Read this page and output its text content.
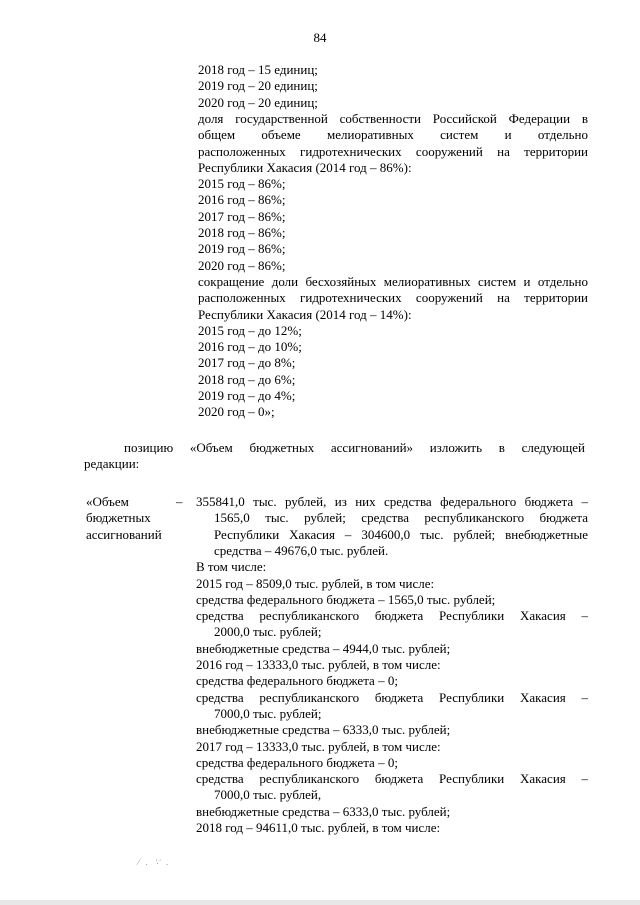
84
2018 год – 15 единиц;
2019 год – 20 единиц;
2020 год – 20 единиц;
доля государственной собственности Российской Федерации в
общем объеме мелиоративных систем и отдельно
расположенных гидротехнических сооружений на территории
Республики Хакасия (2014 год – 86%):
2015 год – 86%;
2016 год – 86%;
2017 год – 86%;
2018 год – 86%;
2019 год – 86%;
2020 год – 86%;
сокращение доли бесхозяйных мелиоративных систем и отдельно
расположенных гидротехнических сооружений на территории
Республики Хакасия (2014 год – 14%):
2015 год – до 12%;
2016 год – до 10%;
2017 год – до 8%;
2018 год – до 6%;
2019 год – до 4%;
2020 год – 0»;
позицию «Объем бюджетных ассигнований» изложить в следующей
редакции:
«Объем
бюджетных
ассигнований
– 355841,0 тыс. рублей, из них средства федерального бюджета –
1565,0 тыс. рублей; средства республиканского бюджета
Республики Хакасия – 304600,0 тыс. рублей; внебюджетные
средства – 49676,0 тыс. рублей.
В том числе:
2015 год – 8509,0 тыс. рублей, в том числе:
средства федерального бюджета – 1565,0 тыс. рублей;
средства республиканского бюджета Республики Хакасия –
2000,0 тыс. рублей;
внебюджетные средства – 4944,0 тыс. рублей;
2016 год – 13333,0 тыс. рублей, в том числе:
средства федерального бюджета – 0;
средства республиканского бюджета Республики Хакасия –
7000,0 тыс. рублей;
внебюджетные средства – 6333,0 тыс. рублей;
2017 год – 13333,0 тыс. рублей, в том числе:
средства федерального бюджета – 0;
средства республиканского бюджета Республики Хакасия –
7000,0 тыс. рублей,
внебюджетные средства – 6333,0 тыс. рублей;
2018 год – 94611,0 тыс. рублей, в том числе:
⁄ . ∵ .
